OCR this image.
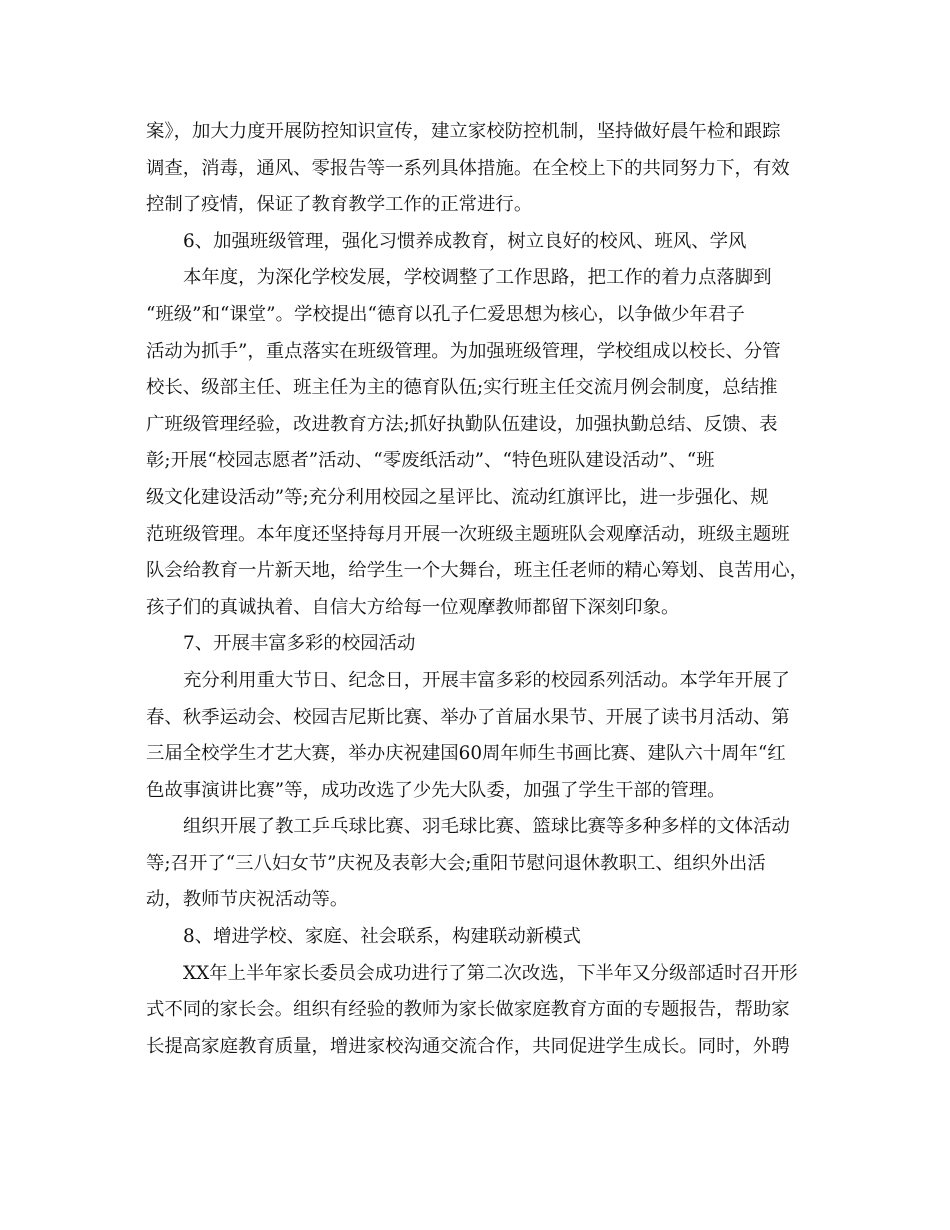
案》，加大力度开展防控知识宣传，建立家校防控机制，坚持做好晨午检和跟踪
调查，消毒，通风、零报告等一系列具体措施。在全校上下的共同努力下，有效
控制了疫情，保证了教育教学工作的正常进行。
6、加强班级管理，强化习惯养成教育，树立良好的校风、班风、学风
本年度，为深化学校发展，学校调整了工作思路，把工作的着力点落脚到
“班级”和“课堂”。学校提出“德育以孔子仁爱思想为核心，以争做少年君子
活动为抓手”，重点落实在班级管理。为加强班级管理，学校组成以校长、分管
校长、级部主任、班主任为主的德育队伍;实行班主任交流月例会制度，总结推
广班级管理经验，改进教育方法;抓好执勤队伍建设，加强执勤总结、反馈、表
彰;开展“校园志愿者”活动、“零废纸活动”、“特色班队建设活动”、“班
级文化建设活动”等;充分利用校园之星评比、流动红旗评比，进一步强化、规
范班级管理。本年度还坚持每月开展一次班级主题班队会观摩活动，班级主题班
队会给教育一片新天地，给学生一个大舞台，班主任老师的精心筹划、良苦用心，
孩子们的真诚执着、自信大方给每一位观摩教师都留下深刻印象。
7、开展丰富多彩的校园活动
充分利用重大节日、纪念日，开展丰富多彩的校园系列活动。本学年开展了
春、秋季运动会、校园吉尼斯比赛、举办了首届水果节、开展了读书月活动、第
三届全校学生才艺大赛，举办庆祝建国60周年师生书画比赛、建队六十周年“红
色故事演讲比赛”等，成功改选了少先大队委，加强了学生干部的管理。
组织开展了教工乒乓球比赛、羽毛球比赛、篮球比赛等多种多样的文体活动
等;召开了“三八妇女节”庆祝及表彰大会;重阳节慰问退休教职工、组织外出活
动，教师节庆祝活动等。
8、增进学校、家庭、社会联系，构建联动新模式
XX年上半年家长委员会成功进行了第二次改选，下半年又分级部适时召开形
式不同的家长会。组织有经验的教师为家长做家庭教育方面的专题报告，帮助家
长提高家庭教育质量，增进家校沟通交流合作，共同促进学生成长。同时，外聘
